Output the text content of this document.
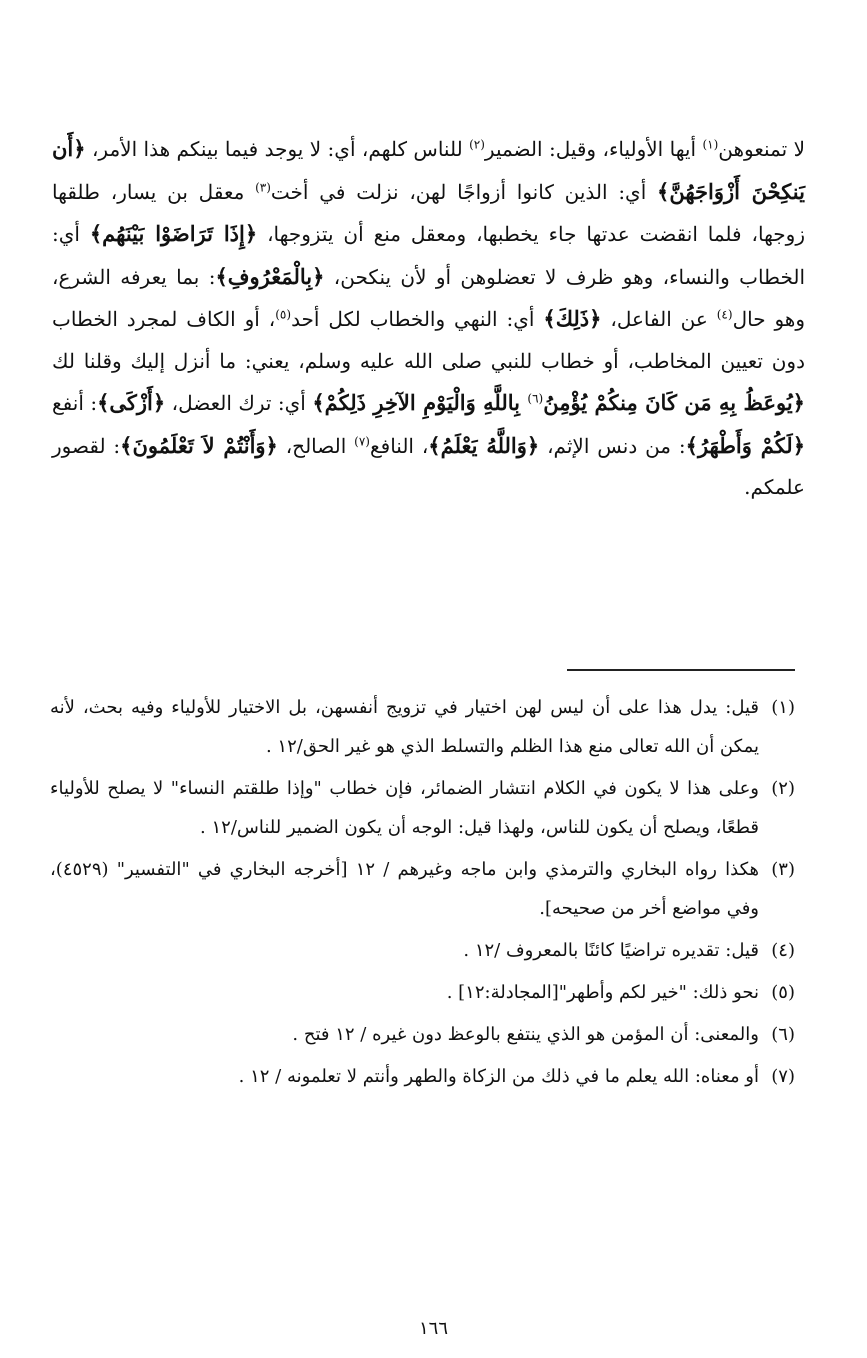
لا تمنعوهن$^{(١)}$ أيها الأولياء، وقيل: الضمير$^{(٢)}$ للناس كلهم، أي: لا يوجد فيما بينكم هذا الأمر، ﴿أَن يَنكِحْنَ أَزْوَاجَهُنَّ﴾ أي: الذين كانوا أزواجًا لهن، نزلت في أخت$^{(٣)}$ معقل بن يسار، طلقها زوجها، فلما انقضت عدتها جاء يخطبها، ومعقل منع أن يتزوجها، ﴿إِذَا تَرَاضَوْا بَيْنَهُم﴾ أي: الخطاب والنساء، وهو ظرف لا تعضلوهن أو لأن ينكحن، ﴿بِالْمَعْرُوفِ﴾: بما يعرفه الشرع، وهو حال$^{(٤)}$ عن الفاعل، ﴿ذَلِكَ﴾ أي: النهي والخطاب لكل أحد$^{(٥)}$، أو الكاف لمجرد الخطاب دون تعيين المخاطب، أو خطاب للنبي صلى الله عليه وسلم، يعني: ما أنزل إليك وقلنا لك ﴿يُوعَظُ بِهِ مَن كَانَ مِنكُمْ يُؤْمِنُ$^{(٦)}$ بِاللَّهِ وَالْيَوْمِ الآخِرِ ذَلِكُمْ﴾ أي: ترك العضل، ﴿أَزْكَى﴾: أنفع ﴿لَكُمْ وَأَطْهَرُ﴾: من دنس الإثم، ﴿وَاللَّهُ يَعْلَمُ﴾، النافع$^{(٧)}$ الصالح، ﴿وَأَنْتُمْ لاَ تَعْلَمُونَ﴾: لقصور علمكم.

(١)
قيل: يدل هذا على أن ليس لهن اختيار في تزويج أنفسهن، بل الاختيار للأولياء وفيه بحث، لأنه يمكن أن الله تعالى منع هذا الظلم والتسلط الذي هو غير الحق/١٢ .
(٢)
وعلى هذا لا يكون في الكلام انتشار الضمائر، فإن خطاب "وإذا طلقتم النساء" لا يصلح للأولياء قطعًا، ويصلح أن يكون للناس، ولهذا قيل: الوجه أن يكون الضمير للناس/١٢ .
(٣)
هكذا رواه البخاري والترمذي وابن ماجه وغيرهم / ١٢ [أخرجه البخاري في "التفسير" (٤٥٢٩)، وفي مواضع أخر من صحيحه].
(٤)
قيل: تقديره تراضيًا كائنًا بالمعروف /١٢ .
(٥)
نحو ذلك: "خير لكم وأطهر"[المجادلة:١٢] .
(٦)
والمعنى: أن المؤمن هو الذي ينتفع بالوعظ دون غيره / ١٢ فتح .
(٧)
أو معناه: الله يعلم ما في ذلك من الزكاة والطهر وأنتم لا تعلمونه / ١٢ .
١٦٦
